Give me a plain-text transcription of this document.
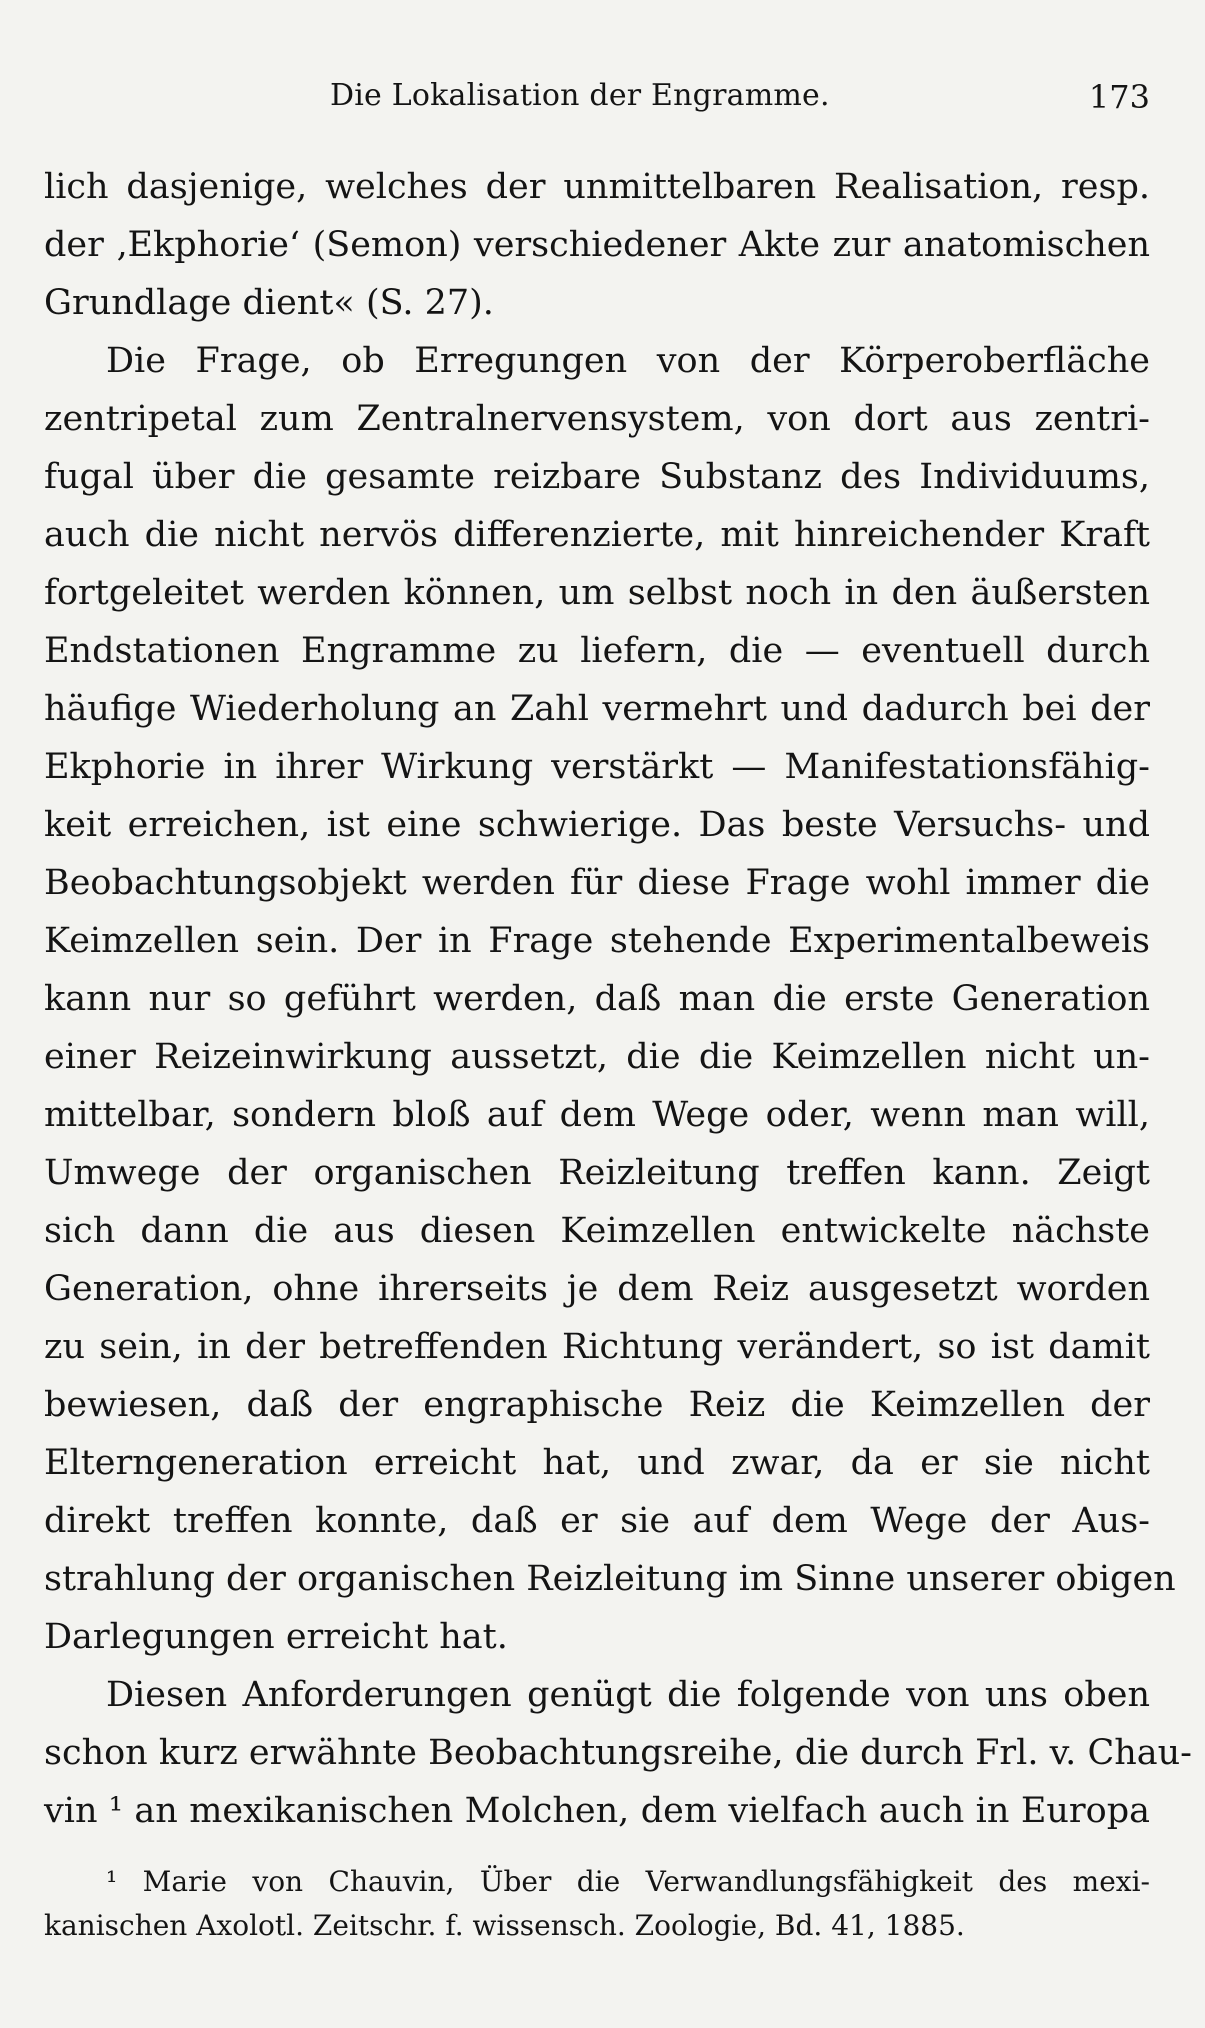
Die Lokalisation der Engramme.	173
lich dasjenige, welches der unmittelbaren Realisation, resp.
der ‚Ekphorie‘ (Semon) verschiedener Akte zur anatomischen
Grundlage dient« (S. 27).
Die Frage, ob Erregungen von der Körperoberfläche
zentripetal zum Zentralnervensystem, von dort aus zentri-
fugal über die gesamte reizbare Substanz des Individuums,
auch die nicht nervös differenzierte, mit hinreichender Kraft
fortgeleitet werden können, um selbst noch in den äußersten
Endstationen Engramme zu liefern, die — eventuell durch
häufige Wiederholung an Zahl vermehrt und dadurch bei der
Ekphorie in ihrer Wirkung verstärkt — Manifestationsfähig-
keit erreichen, ist eine schwierige. Das beste Versuchs- und
Beobachtungsobjekt werden für diese Frage wohl immer die
Keimzellen sein. Der in Frage stehende Experimentalbeweis
kann nur so geführt werden, daß man die erste Generation
einer Reizeinwirkung aussetzt, die die Keimzellen nicht un-
mittelbar, sondern bloß auf dem Wege oder, wenn man will,
Umwege der organischen Reizleitung treffen kann. Zeigt
sich dann die aus diesen Keimzellen entwickelte nächste
Generation, ohne ihrerseits je dem Reiz ausgesetzt worden
zu sein, in der betreffenden Richtung verändert, so ist damit
bewiesen, daß der engraphische Reiz die Keimzellen der
Elterngeneration erreicht hat, und zwar, da er sie nicht
direkt treffen konnte, daß er sie auf dem Wege der Aus-
strahlung der organischen Reizleitung im Sinne unserer obigen
Darlegungen erreicht hat.
Diesen Anforderungen genügt die folgende von uns oben
schon kurz erwähnte Beobachtungsreihe, die durch Frl. v. Chau-
vin ¹ an mexikanischen Molchen, dem vielfach auch in Europa
¹ Marie von Chauvin, Über die Verwandlungsfähigkeit des mexi-
kanischen Axolotl. Zeitschr. f. wissensch. Zoologie, Bd. 41, 1885.
